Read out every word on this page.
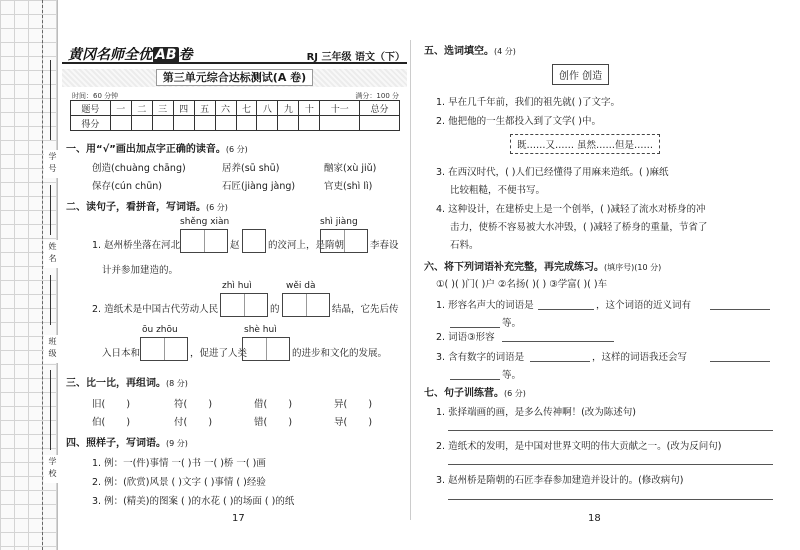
学号
姓名
班级
学校
黄冈名师全优 AB 卷	RJ 三年级 语文（下）
第三单元综合达标测试(A 卷)
时间：60 分钟	满分：100 分
题号	一	二	三	四	五	六	七	八	九	十	十一	总分
得分												
一、用“√”画出加点字正确的读音。(6 分)
创造(chuàng chāng)	居养(sū shū)	酗家(xù jiǔ)
保存(cún chūn)	石匠(jiàng jàng)	官吏(shì lì)
二、读句子，看拼音，写词语。(6 分)
shěng xiàn	shì jiàng
1. 赵州桥坐落在河北	赵	的洨河上，是隋朝	李春设
计并参加建造的。
zhì huì	wěi dà
2. 造纸术是中国古代劳动人民	的	结晶，它先后传
ōu zhōu	shè huì
入日本和	，促进了人类	的进步和文化的发展。
三、比一比，再组词。(8 分)
旧( )	符( )	借( )	异( )
伯( )	付( )	错( )	导( )
四、照样子，写词语。(9 分)
1. 例：一(件)事情 一( )书 一( )桥 一( )画
2. 例：(欣赏)风景 ( )文字 ( )事情 ( )经验
3. 例：(精美)的图案 ( )的水花 ( )的场面 ( )的纸
17
五、选词填空。(4 分)
创作 创造
1. 早在几千年前，我们的祖先就( )了文字。
2. 他把他的一生都投入到了文学( )中。
既……又…… 虽然……但是……
3. 在西汉时代，( )人们已经懂得了用麻来造纸。( )麻纸
比较粗糙，不便书写。
4. 这种设计，在建桥史上是一个创举，( )减轻了流水对桥身的冲
击力，使桥不容易被大水冲毁，( )减轻了桥身的重量，节省了
石料。
六、将下列词语补充完整，再完成练习。(填序号)(10 分)
①( )( )门( )户 ②名扬( )( ) ③学富( )( )车
1. 形容名声大的词语是	，这个词语的近义词有
等。
2. 词语③形容
3. 含有数字的词语是	，这样的词语我还会写
等。
七、句子训练营。(6 分)
1. 张择端画的画，是多么传神啊！(改为陈述句)
2. 造纸术的发明，是中国对世界文明的伟大贡献之一。(改为反问句)
3. 赵州桥是隋朝的石匠李春参加建造并设计的。(修改病句)
18
